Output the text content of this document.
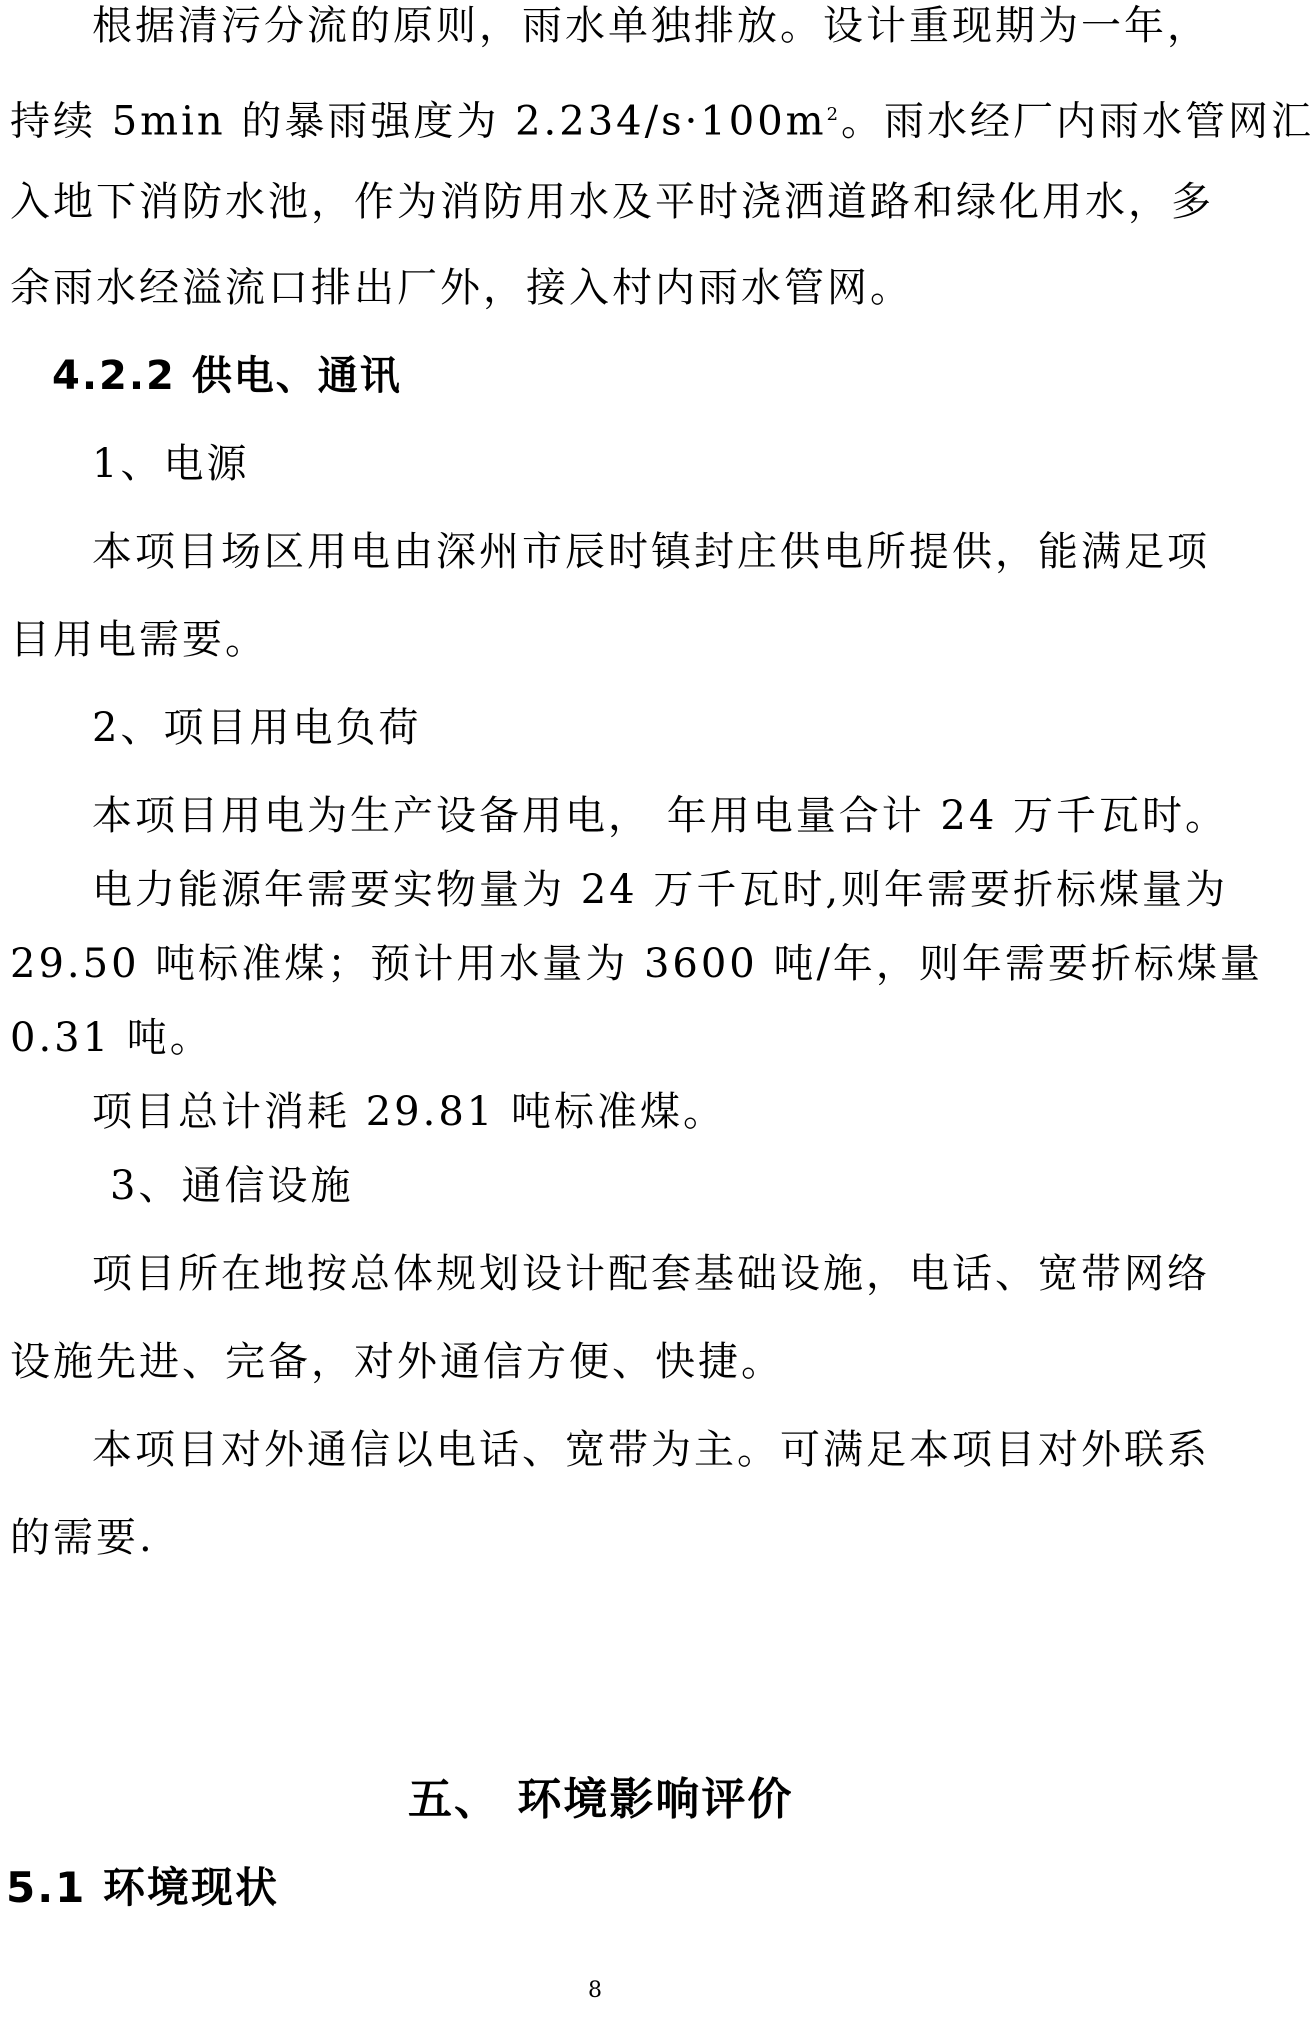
根据清污分流的原则，雨水单独排放。设计重现期为一年，
持续 5min 的暴雨强度为 $2.234/s\cdot 100m^2$。雨水经厂内雨水管网汇
入地下消防水池，作为消防用水及平时浇洒道路和绿化用水，多
余雨水经溢流口排出厂外，接入村内雨水管网。
4.2.2 供电、通讯
1、电源
本项目场区用电由深州市辰时镇封庄供电所提供，能满足项
目用电需要。
2、项目用电负荷
本项目用电为生产设备用电， 年用电量合计 24 万千瓦时。
电力能源年需要实物量为 24 万千瓦时,则年需要折标煤量为
29.50 吨标准煤；预计用水量为 3600 吨/年，则年需要折标煤量
0.31 吨。
项目总计消耗 29.81 吨标准煤。
3、通信设施
项目所在地按总体规划设计配套基础设施，电话、宽带网络
设施先进、完备，对外通信方便、快捷。
本项目对外通信以电话、宽带为主。可满足本项目对外联系
的需要.
五、 环境影响评价
5.1 环境现状
8
